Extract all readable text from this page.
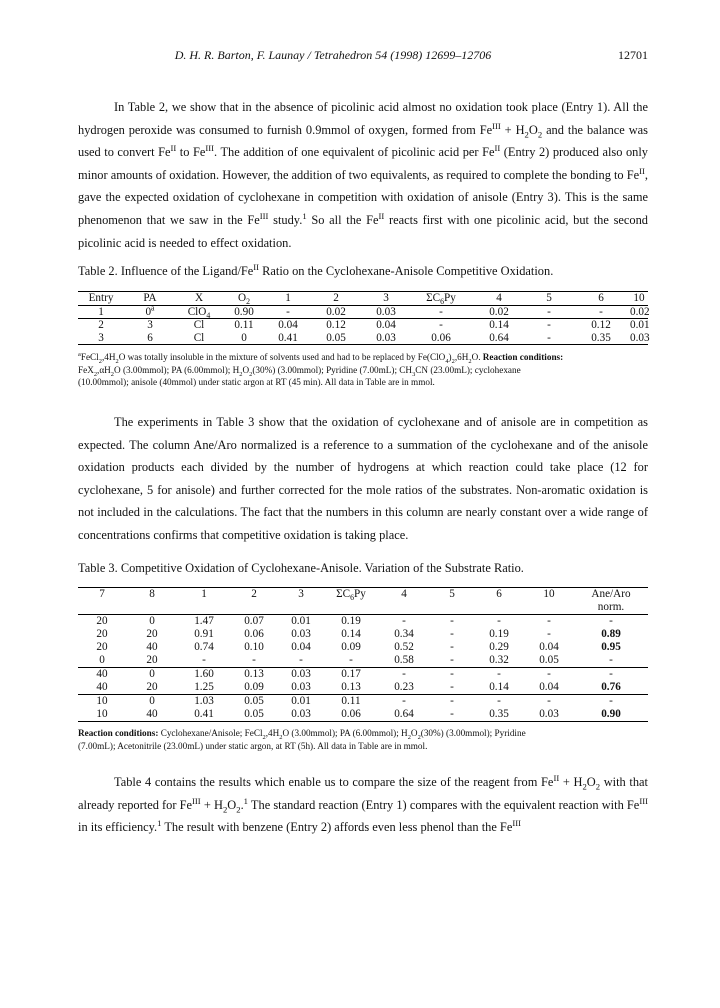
D. H. R. Barton, F. Launay / Tetrahedron 54 (1998) 12699–12706	12701

In Table 2, we show that in the absence of picolinic acid almost no oxidation took place (Entry 1). All the hydrogen peroxide was consumed to furnish 0.9mmol of oxygen, formed from $Fe^{III} + H_2O_2$ and the balance was used to convert $Fe^{II}$ to $Fe^{III}$. The addition of one equivalent of picolinic acid per $Fe^{II}$ (Entry 2) produced also only minor amounts of oxidation. However, the addition of two equivalents, as required to complete the bonding to $Fe^{II}$, gave the expected oxidation of cyclohexane in competition with oxidation of anisole (Entry 3). This is the same phenomenon that we saw in the $Fe^{III}$ study.$^1$ So all the $Fe^{II}$ reacts first with one picolinic acid, but the second picolinic acid is needed to effect oxidation.

Table 2. Influence of the Ligand/$Fe^{II}$ Ratio on the Cyclohexane-Anisole Competitive Oxidation.

Entry	PA	X	$O_2$	1	2	3	$\Sigma C_6Py$	4	5	6	10
1	0$^a$	ClO$_4$	0.90	-	0.02	0.03	-	0.02	-	-	0.02
2	3	Cl	0.11	0.04	0.12	0.04	-	0.14	-	0.12	0.01
3	6	Cl	0	0.41	0.05	0.03	0.06	0.64	-	0.35	0.03

$^aFeCl_2,4H_2O$ was totally insoluble in the mixture of solvents used and had to be replaced by $Fe(ClO_4)_2,6H_2O$. Reaction conditions:
$FeX_2,\alpha H_2O$ (3.00mmol); PA (6.00mmol); $H_2O_2(30\%)$ (3.00mmol); Pyridine (7.00mL); $CH_3CN$ (23.00mL); cyclohexane
(10.00mmol); anisole (40mmol) under static argon at RT (45 min). All data in Table are in mmol.

The experiments in Table 3 show that the oxidation of cyclohexane and of anisole are in competition as expected. The column Ane/Aro normalized is a reference to a summation of the cyclohexane and of the anisole oxidation products each divided by the number of hydrogens at which reaction could take place (12 for cyclohexane, 5 for anisole) and further corrected for the mole ratios of the substrates. Non-aromatic oxidation is not included in the calculations. The fact that the numbers in this column are nearly constant over a wide range of concentrations confirms that competitive oxidation is taking place.

Table 3. Competitive Oxidation of Cyclohexane-Anisole. Variation of the Substrate Ratio.

7	8	1	2	3	$\Sigma C_6Py$	4	5	6	10	Ane/Aro
										norm.
20	0	1.47	0.07	0.01	0.19	-	-	-	-	-
20	20	0.91	0.06	0.03	0.14	0.34	-	0.19	-	0.89
20	40	0.74	0.10	0.04	0.09	0.52	-	0.29	0.04	0.95
0	20	-	-	-	-	0.58	-	0.32	0.05	-
40	0	1.60	0.13	0.03	0.17	-	-	-	-	-
40	20	1.25	0.09	0.03	0.13	0.23	-	0.14	0.04	0.76
10	0	1.03	0.05	0.01	0.11	-	-	-	-	-
10	40	0.41	0.05	0.03	0.06	0.64	-	0.35	0.03	0.90

Reaction conditions: Cyclohexane/Anisole; $FeCl_2,4H_2O$ (3.00mmol); PA (6.00mmol); $H_2O_2(30\%)$ (3.00mmol); Pyridine
(7.00mL); Acetonitrile (23.00mL) under static argon, at RT (5h). All data in Table are in mmol.

Table 4 contains the results which enable us to compare the size of the reagent from $Fe^{II} + H_2O_2$ with that already reported for $Fe^{III} + H_2O_2.^1$ The standard reaction (Entry 1) compares with the equivalent reaction with $Fe^{III}$ in its efficiency.$^1$ The result with benzene (Entry 2) affords even less phenol than the $Fe^{III}$
